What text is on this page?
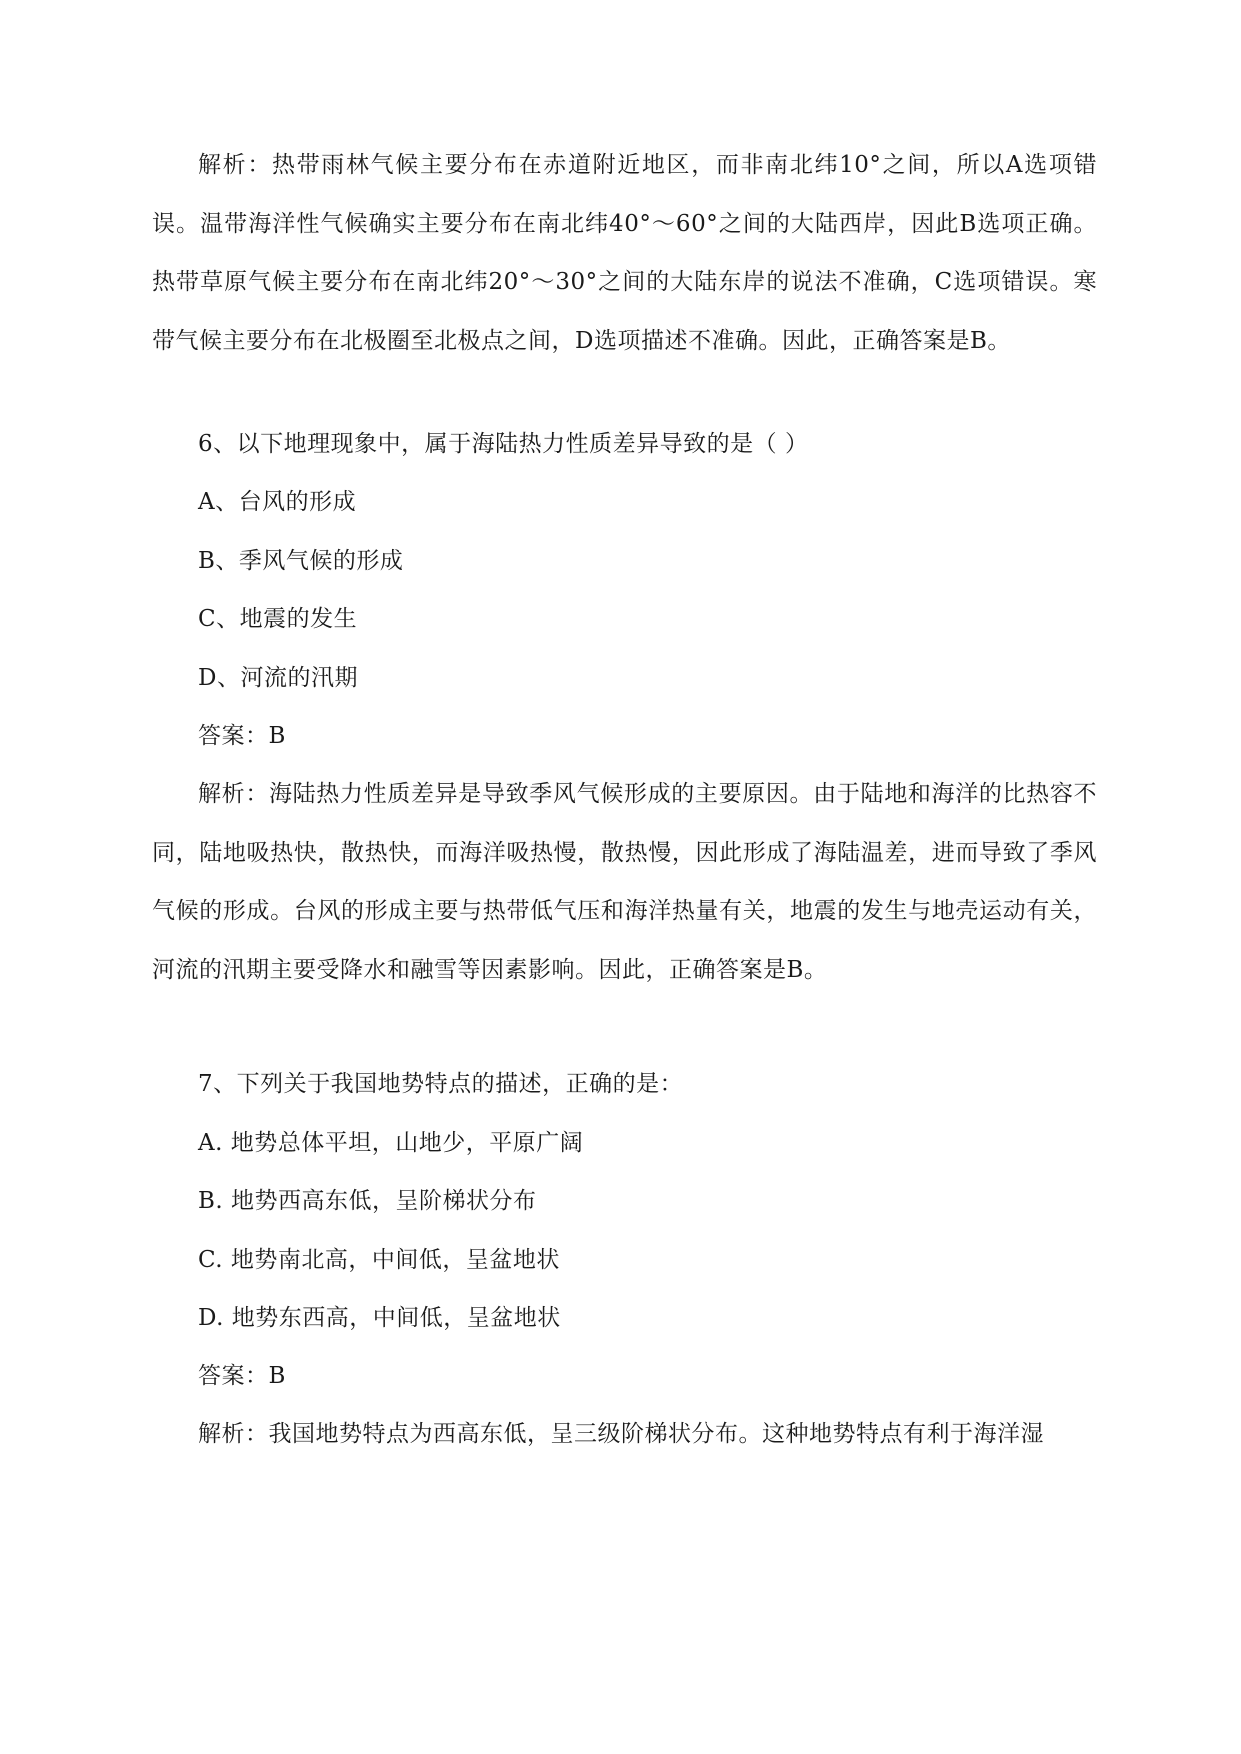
解析：热带雨林气候主要分布在赤道附近地区，而非南北纬10°之间，所以A选项错误。温带海洋性气候确实主要分布在南北纬40°～60°之间的大陆西岸，因此B选项正确。热带草原气候主要分布在南北纬20°～30°之间的大陆东岸的说法不准确，C选项错误。寒带气候主要分布在北极圈至北极点之间，D选项描述不准确。因此，正确答案是B。

6、以下地理现象中，属于海陆热力性质差异导致的是（ ）

A、台风的形成

B、季风气候的形成

C、地震的发生

D、河流的汛期

答案：B

解析：海陆热力性质差异是导致季风气候形成的主要原因。由于陆地和海洋的比热容不同，陆地吸热快，散热快，而海洋吸热慢，散热慢，因此形成了海陆温差，进而导致了季风气候的形成。台风的形成主要与热带低气压和海洋热量有关，地震的发生与地壳运动有关，河流的汛期主要受降水和融雪等因素影响。因此，正确答案是B。

7、下列关于我国地势特点的描述，正确的是：

A. 地势总体平坦，山地少，平原广阔

B. 地势西高东低，呈阶梯状分布

C. 地势南北高，中间低，呈盆地状

D. 地势东西高，中间低，呈盆地状

答案：B

解析：我国地势特点为西高东低，呈三级阶梯状分布。这种地势特点有利于海洋湿
